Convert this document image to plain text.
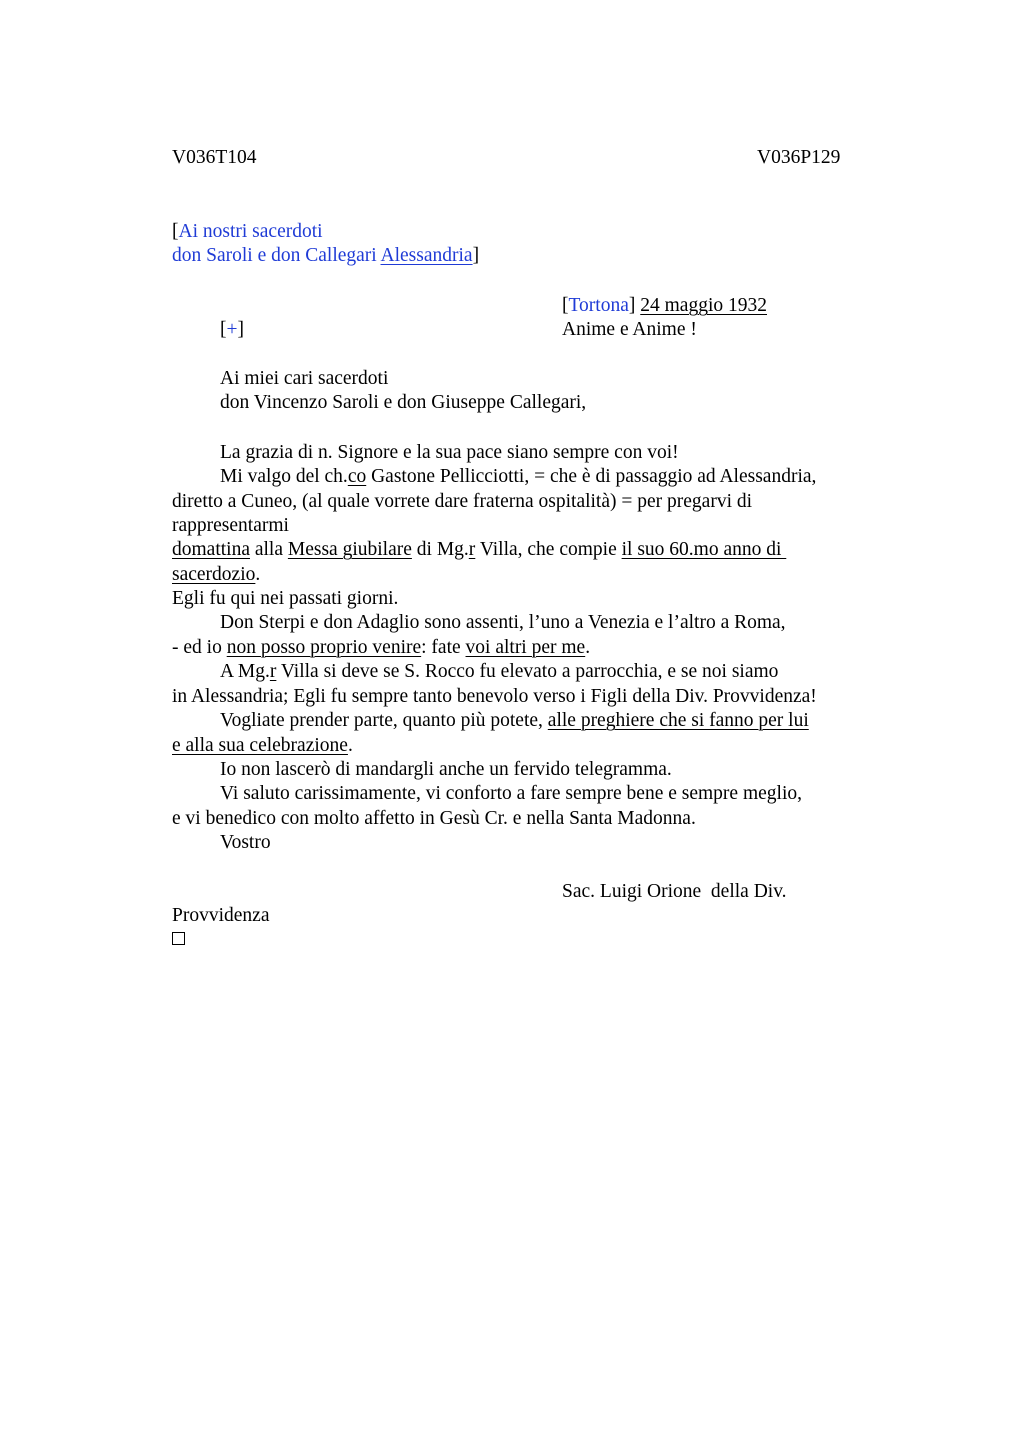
V036T104	V036P129
[Ai nostri sacerdoti
don Saroli e don Callegari Alessandria]
[Tortona] 24 maggio 1932
[+]	Anime e Anime !
Ai miei cari sacerdoti
don Vincenzo Saroli e don Giuseppe Callegari,
La grazia di n. Signore e la sua pace siano sempre con voi!
Mi valgo del ch.co Gastone Pellicciotti, = che è di passaggio ad Alessandria,
diretto a Cuneo, (al quale vorrete dare fraterna ospitalità) = per pregarvi di
rappresentarmi
domattina alla Messa giubilare di Mg.r Villa, che compie il suo 60.mo anno di
sacerdozio.
Egli fu qui nei passati giorni.
Don Sterpi e don Adaglio sono assenti, l’uno a Venezia e l’altro a Roma,
- ed io non posso proprio venire: fate voi altri per me.
A Mg.r Villa si deve se S. Rocco fu elevato a parrocchia, e se noi siamo
in Alessandria; Egli fu sempre tanto benevolo verso i Figli della Div. Provvidenza!
Vogliate prender parte, quanto più potete, alle preghiere che si fanno per lui
e alla sua celebrazione.
Io non lascerò di mandargli anche un fervido telegramma.
Vi saluto carissimamente, vi conforto a fare sempre bene e sempre meglio,
e vi benedico con molto affetto in Gesù Cr. e nella Santa Madonna.
Vostro
Sac. Luigi Orione  della Div.
Provvidenza
